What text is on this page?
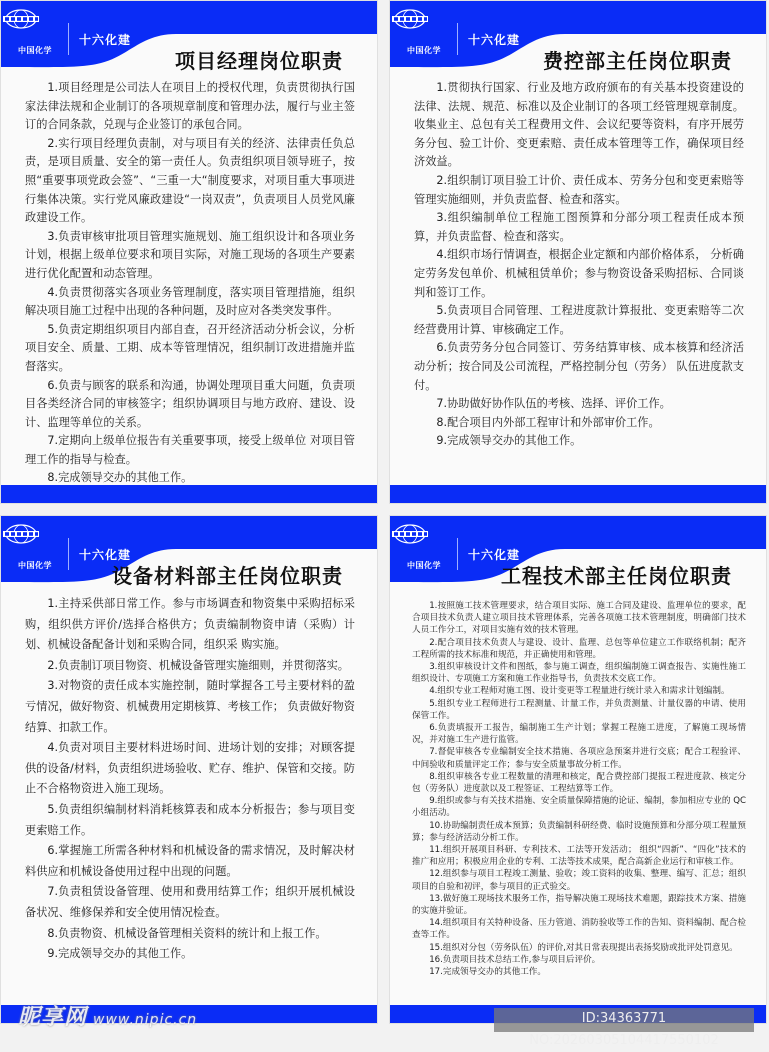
中国化学
十六化建
项目经理岗位职责

1.项目经理是公司法人在项目上的授权代理，负责贯彻执行国家法律法规和企业制订的各项规章制度和管理办法，履行与业主签订的合同条款，兑现与企业签订的承包合同。

2.实行项目经理负责制，对与项目有关的经济、法律责任负总责，是项目质量、安全的第一责任人。负责组织项目领导班子，按照“重要事项党政会签”、“三重一大“制度要求，对项目重大事项进行集体决策。实行党风廉政建设“一岗双责”，负责项目人员党风廉政建设工作。

3.负责审核审批项目管理实施规划、施工组织设计和各项业务计划，根据上级单位要求和项目实际，对施工现场的各项生产要素进行优化配置和动态管理。

4.负责贯彻落实各项业务管理制度，落实项目管理措施，组织解决项目施工过程中出现的各种问题，及时应对各类突发事件。

5.负责定期组织项目内部自查，召开经济活动分析会议，分析项目安全、质量、工期、成本等管理情况，组织制订改进措施并监督落实。

6.负责与顾客的联系和沟通，协调处理项目重大问题，负责项目各类经济合同的审核签字；组织协调项目与地方政府、建设、设计、监理等单位的关系。

7.定期向上级单位报告有关重要事项，接受上级单位 对项目管理工作的指导与检查。

8.完成领导交办的其他工作。

中国化学
十六化建
费控部主任岗位职责

1.贯彻执行国家、行业及地方政府颁布的有关基本投资建设的法律、法规、规范、标准以及企业制订的各项工经管理规章制度。收集业主、总包有关工程费用文件、会议纪要等资料，有序开展劳务分包、验工计价、变更索赔、责任成本管理等工作，确保项目经济效益。

2.组织制订项目验工计价、责任成本、劳务分包和变更索赔等管理实施细则，并负责监督、检查和落实。

3.组织编制单位工程施工图预算和分部分项工程责任成本预算，并负责监督、检查和落实。

4.组织市场行情调查，根据企业定额和内部价格体系， 分析确定劳务发包单价、机械租赁单价；参与物资设备采购招标、合同谈判和签订工作。

5.负责项目合同管理、工程进度款计算报批、变更索赔等二次经营费用计算、审核确定工作。

6.负责劳务分包合同签订、劳务结算审核、成本核算和经济活动分析；按合同及公司流程，严格控制分包（劳务） 队伍进度款支付。

7.协助做好协作队伍的考核、选择、评价工作。

8.配合项目内外部工程审计和外部审价工作。

9.完成领导交办的其他工作。

中国化学
十六化建
设备材料部主任岗位职责

1.主持采供部日常工作。参与市场调查和物资集中采购招标采购，组织供方评价/选择合格供方；负责编制物资申请（采购）计划、机械设备配备计划和采购合同，组织采 购实施。

2.负责制订项目物资、机械设备管理实施细则，并贯彻落实。

3.对物资的责任成本实施控制，随时掌握各工号主要材料的盈亏情况，做好物资、机械费用定期核算、考核工作； 负责做好物资结算、扣款工作。

4.负责对项目主要材料进场时间、进场计划的安排；对顾客提供的设备/材料，负责组织进场验收、贮存、维护、保管和交接。防止不合格物资进入施工现场。

5.负责组织编制材料消耗核算表和成本分析报告；参与项目变更索赔工作。

6.掌握施工所需各种材料和机械设备的需求情况，及时解决材料供应和机械设备使用过程中出现的问题。

7.负责租赁设备管理、使用和费用结算工作；组织开展机械设备状况、维修保养和安全使用情况检查。

8.负责物资、机械设备管理相关资料的统计和上报工作。

9.完成领导交办的其他工作。

中国化学
十六化建
工程技术部主任岗位职责

1.按照施工技术管理要求，结合项目实际、施工合同及建设、监理单位的要求，配合项目技术负责人建立项目技术管理体系，完善各项施工技术管理制度，明确部门技术人员工作分工，对项目实施有效的技术管理。

2.配合项目技术负责人与建设、设计、监理、总包等单位建立工作联络机制；配齐工程所需的技术标准和规范，并正确使用和管理。

3.组织审核设计文件和图纸，参与施工调查，组织编制施工调查报告、实施性施工组织设计、专项施工方案和施工作业指导书，负责技术交底工作。

4.组织专业工程师对施工图、设计变更等工程量进行统计录入和需求计划编制。

5.组织专业工程师进行工程测量、计量工作，并负责测量、计量仪器的申请、使用保管工作。

6.负责填报开工报告，编制施工生产计划；掌握工程施工进度，了解施工现场情况，并对施工生产进行监管。

7.督促审核各专业编制安全技术措施、各项应急预案并进行交底；配合工程验评、中间验收和质量评定工作；参与安全质量事故分析工作。

8.组织审核各专业工程数量的清理和核定，配合费控部门提报工程进度款、核定分包（劳务队）进度款以及工程签证、工程结算等工作。

9.组织或参与有关技术措施、安全质量保障措施的论证、编制，参加相应专业的 QC 小组活动。

10.协助编制责任成本预算；负责编制科研经费、临时设施预算和分部分项工程量预算；参与经济活动分析工作。

11.组织开展项目科研、专利技术、工法等开发活动； 组织“四新”、“四化”技术的推广和应用；积极应用企业的专利、工法等技术成果，配合高新企业运行和审核工作。

12.组织参与项目工程竣工测量、验收；竣工资料的收集、整理、编写、汇总；组织项目的自验和初评，参与项目的正式验交。

13.做好施工现场技术服务工作，指导解决施工现场技术难题，跟踪技术方案、措施的实施并验证。

14.组织项目有关特种设备、压力管道、消防验收等工作的告知、资料编制、配合检查等工作。

15.组织对分包（劳务队伍）的评价,对其日常表现提出表扬奖励或批评处罚意见。

16.负责项目技术总结工作,参与项目后评价。

17.完成领导交办的其他工作。

昵享网 www.nipic.cn	ID:34363771 NO:20260305104417550102
